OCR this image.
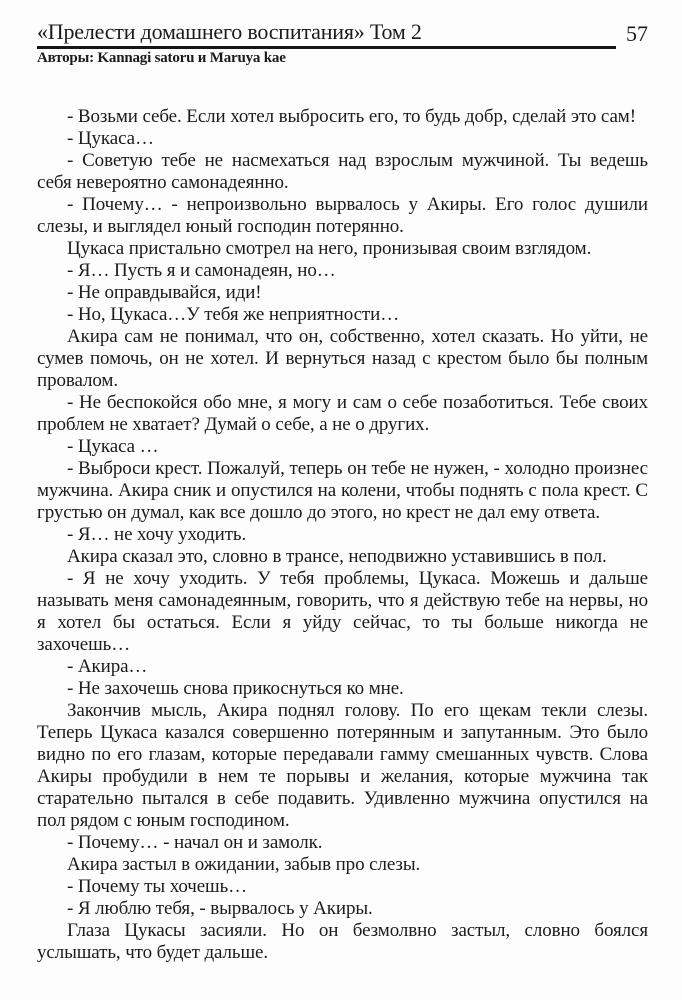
«Прелести домашнего воспитания» Том 2	57
Авторы: Kannagi satoru и Maruya kae

- Возьми себе. Если хотел выбросить его, то будь добр, сделай это сам!

- Цукаса…

- Советую тебе не насмехаться над взрослым мужчиной. Ты ведешь себя невероятно самонадеянно.

- Почему… - непроизвольно вырвалось у Акиры. Его голос душили слезы, и выглядел юный господин потерянно.

Цукаса пристально смотрел на него, пронизывая своим взглядом.

- Я… Пусть я и самонадеян, но…

- Не оправдывайся, иди!

- Но, Цукаса…У тебя же неприятности…

Акира сам не понимал, что он, собственно, хотел сказать. Но уйти, не сумев помочь, он не хотел. И вернуться назад с крестом было бы полным провалом.

- Не беспокойся обо мне, я могу и сам о себе позаботиться. Тебе своих проблем не хватает? Думай о себе, а не о других.

- Цукаса …

- Выброси крест. Пожалуй, теперь он тебе не нужен, - холодно произнес мужчина. Акира сник и опустился на колени, чтобы поднять с пола крест. С грустью он думал, как все дошло до этого, но крест не дал ему ответа.

- Я… не хочу уходить.

Акира сказал это, словно в трансе, неподвижно уставившись в пол.

- Я не хочу уходить. У тебя проблемы, Цукаса. Можешь и дальше называть меня самонадеянным, говорить, что я действую тебе на нервы, но я хотел бы остаться. Если я уйду сейчас, то ты больше никогда не захочешь…

- Акира…

- Не захочешь снова прикоснуться ко мне.

Закончив мысль, Акира поднял голову. По его щекам текли слезы. Теперь Цукаса казался совершенно потерянным и запутанным. Это было видно по его глазам, которые передавали гамму смешанных чувств. Слова Акиры пробудили в нем те порывы и желания, которые мужчина так старательно пытался в себе подавить. Удивленно мужчина опустился на пол рядом с юным господином.

- Почему… - начал он и замолк.

Акира застыл в ожидании, забыв про слезы.

- Почему ты хочешь…

- Я люблю тебя, - вырвалось у Акиры.

Глаза Цукасы засияли. Но он безмолвно застыл, словно боялся услышать, что будет дальше.
